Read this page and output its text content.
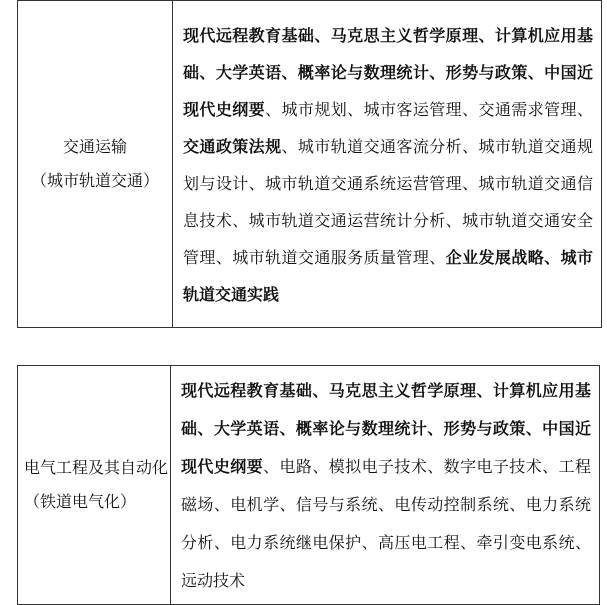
交通运输
（城市轨道交通）
	现代远程教育基础、马克思主义哲学原理、计算机应用基础、大学英语、概率论与数理统计、形势与政策、中国近现代史纲要、城市规划、城市客运管理、交通需求管理、交通政策法规、城市轨道交通客流分析、城市轨道交通规划与设计、城市轨道交通系统运营管理、城市轨道交通信息技术、城市轨道交通运营统计分析、城市轨道交通安全管理、城市轨道交通服务质量管理、企业发展战略、城市轨道交通实践
电气工程及其自动化（铁道电气化）
	现代远程教育基础、马克思主义哲学原理、计算机应用基础、大学英语、概率论与数理统计、形势与政策、中国近现代史纲要、电路、模拟电子技术、数字电子技术、工程磁场、电机学、信号与系统、电传动控制系统、电力系统分析、电力系统继电保护、高压电工程、牵引变电系统、远动技术
